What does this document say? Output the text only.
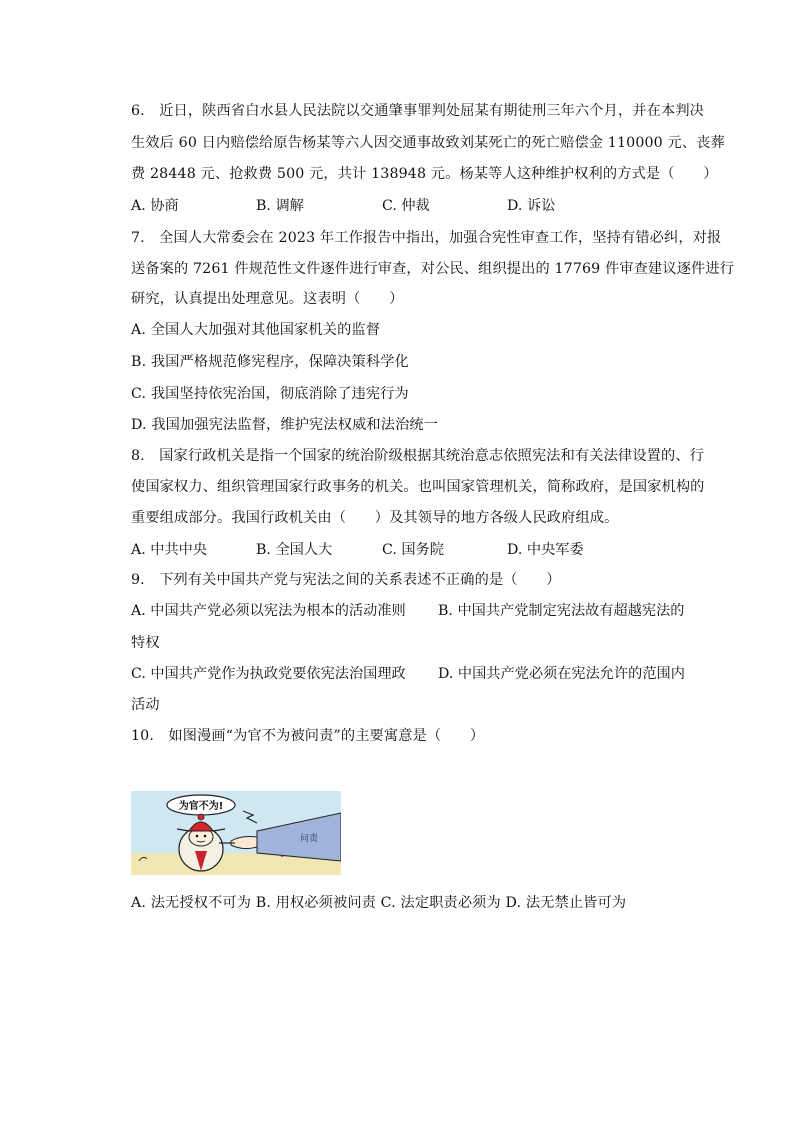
6.　近日，陕西省白水县人民法院以交通肇事罪判处屈某有期徒刑三年六个月，并在本判决
生效后 60 日内赔偿给原告杨某等六人因交通事故致刘某死亡的死亡赔偿金 110000 元、丧葬
费 28448 元、抢救费 500 元，共计 138948 元。杨某等人这种维护权利的方式是（　　）
A. 协商	B. 调解	C. 仲裁	D. 诉讼
7.　全国人大常委会在 2023 年工作报告中指出，加强合宪性审查工作，坚持有错必纠，对报
送备案的 7261 件规范性文件逐件进行审查，对公民、组织提出的 17769 件审查建议逐件进行
研究，认真提出处理意见。这表明（　　）
A. 全国人大加强对其他国家机关的监督
B. 我国严格规范修宪程序，保障决策科学化
C. 我国坚持依宪治国，彻底消除了违宪行为
D. 我国加强宪法监督，维护宪法权威和法治统一
8.　国家行政机关是指一个国家的统治阶级根据其统治意志依照宪法和有关法律设置的、行
使国家权力、组织管理国家行政事务的机关。也叫国家管理机关，简称政府，是国家机构的
重要组成部分。我国行政机关由（　　）及其领导的地方各级人民政府组成。
A. 中共中央	B. 全国人大	C. 国务院	D. 中央军委
9.　下列有关中国共产党与宪法之间的关系表述不正确的是（　　）
A. 中国共产党必须以宪法为根本的活动准则 B. 中国共产党制定宪法故有超越宪法的
特权
C. 中国共产党作为执政党要依宪法治国理政 D. 中国共产党必须在宪法允许的范围内
活动
10.　如图漫画“为官不为被问责”的主要寓意是（　　）
为官不为!
问责
A. 法无授权不可为 B. 用权必须被问责 C. 法定职责必须为 D. 法无禁止皆可为
